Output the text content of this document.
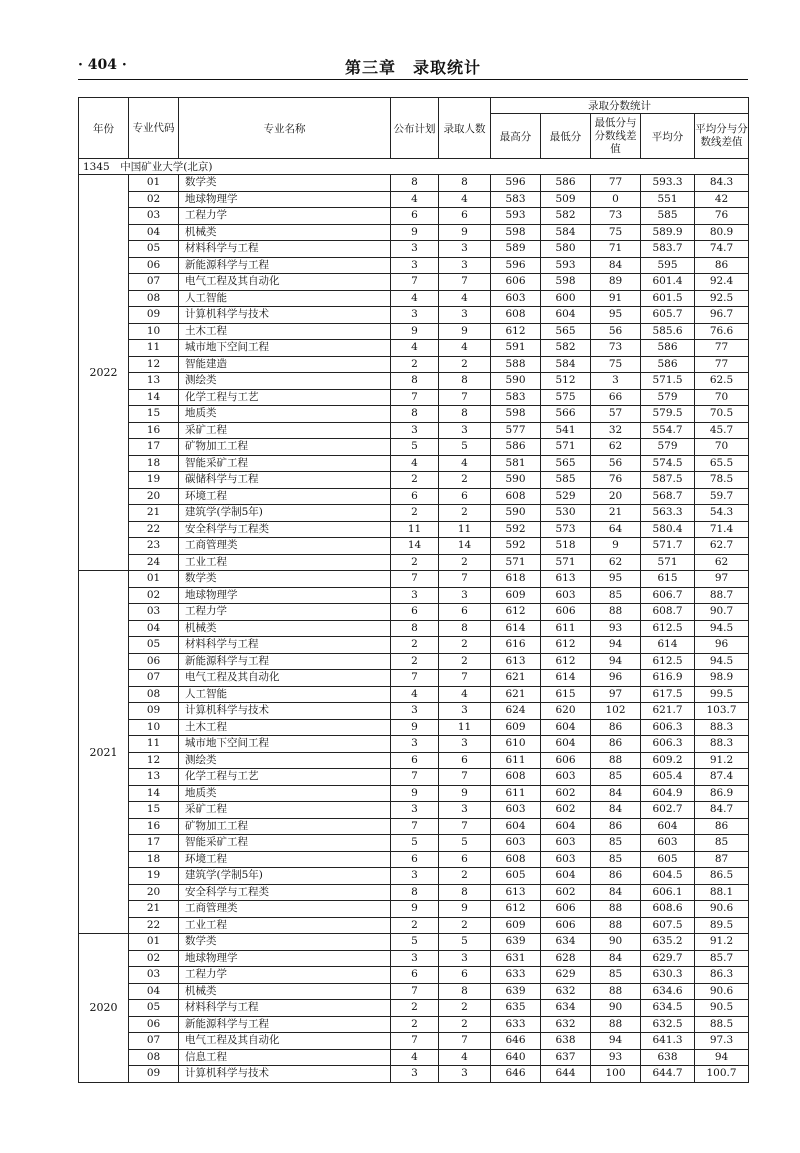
· 404 ·	第三章　录取统计
年份	专业代码	专业名称	公布计划	录取人数	录取分数统计				
					最高分	最低分	最低分与分数线差值	平均分	平均分与分数线差值
1345　中国矿业大学(北京)									
2022	01	数学类	8	8	596	586	77	593.3	84.3
	02	地球物理学	4	4	583	509	0	551	42
	03	工程力学	6	6	593	582	73	585	76
	04	机械类	9	9	598	584	75	589.9	80.9
	05	材料科学与工程	3	3	589	580	71	583.7	74.7
	06	新能源科学与工程	3	3	596	593	84	595	86
	07	电气工程及其自动化	7	7	606	598	89	601.4	92.4
	08	人工智能	4	4	603	600	91	601.5	92.5
	09	计算机科学与技术	3	3	608	604	95	605.7	96.7
	10	土木工程	9	9	612	565	56	585.6	76.6
	11	城市地下空间工程	4	4	591	582	73	586	77
	12	智能建造	2	2	588	584	75	586	77
	13	测绘类	8	8	590	512	3	571.5	62.5
	14	化学工程与工艺	7	7	583	575	66	579	70
	15	地质类	8	8	598	566	57	579.5	70.5
	16	采矿工程	3	3	577	541	32	554.7	45.7
	17	矿物加工工程	5	5	586	571	62	579	70
	18	智能采矿工程	4	4	581	565	56	574.5	65.5
	19	碳储科学与工程	2	2	590	585	76	587.5	78.5
	20	环境工程	6	6	608	529	20	568.7	59.7
	21	建筑学(学制5年)	2	2	590	530	21	563.3	54.3
	22	安全科学与工程类	11	11	592	573	64	580.4	71.4
	23	工商管理类	14	14	592	518	9	571.7	62.7
	24	工业工程	2	2	571	571	62	571	62
2021	01	数学类	7	7	618	613	95	615	97
	02	地球物理学	3	3	609	603	85	606.7	88.7
	03	工程力学	6	6	612	606	88	608.7	90.7
	04	机械类	8	8	614	611	93	612.5	94.5
	05	材料科学与工程	2	2	616	612	94	614	96
	06	新能源科学与工程	2	2	613	612	94	612.5	94.5
	07	电气工程及其自动化	7	7	621	614	96	616.9	98.9
	08	人工智能	4	4	621	615	97	617.5	99.5
	09	计算机科学与技术	3	3	624	620	102	621.7	103.7
	10	土木工程	9	11	609	604	86	606.3	88.3
	11	城市地下空间工程	3	3	610	604	86	606.3	88.3
	12	测绘类	6	6	611	606	88	609.2	91.2
	13	化学工程与工艺	7	7	608	603	85	605.4	87.4
	14	地质类	9	9	611	602	84	604.9	86.9
	15	采矿工程	3	3	603	602	84	602.7	84.7
	16	矿物加工工程	7	7	604	604	86	604	86
	17	智能采矿工程	5	5	603	603	85	603	85
	18	环境工程	6	6	608	603	85	605	87
	19	建筑学(学制5年)	3	2	605	604	86	604.5	86.5
	20	安全科学与工程类	8	8	613	602	84	606.1	88.1
	21	工商管理类	9	9	612	606	88	608.6	90.6
	22	工业工程	2	2	609	606	88	607.5	89.5
2020	01	数学类	5	5	639	634	90	635.2	91.2
	02	地球物理学	3	3	631	628	84	629.7	85.7
	03	工程力学	6	6	633	629	85	630.3	86.3
	04	机械类	7	8	639	632	88	634.6	90.6
	05	材料科学与工程	2	2	635	634	90	634.5	90.5
	06	新能源科学与工程	2	2	633	632	88	632.5	88.5
	07	电气工程及其自动化	7	7	646	638	94	641.3	97.3
	08	信息工程	4	4	640	637	93	638	94
	09	计算机科学与技术	3	3	646	644	100	644.7	100.7
